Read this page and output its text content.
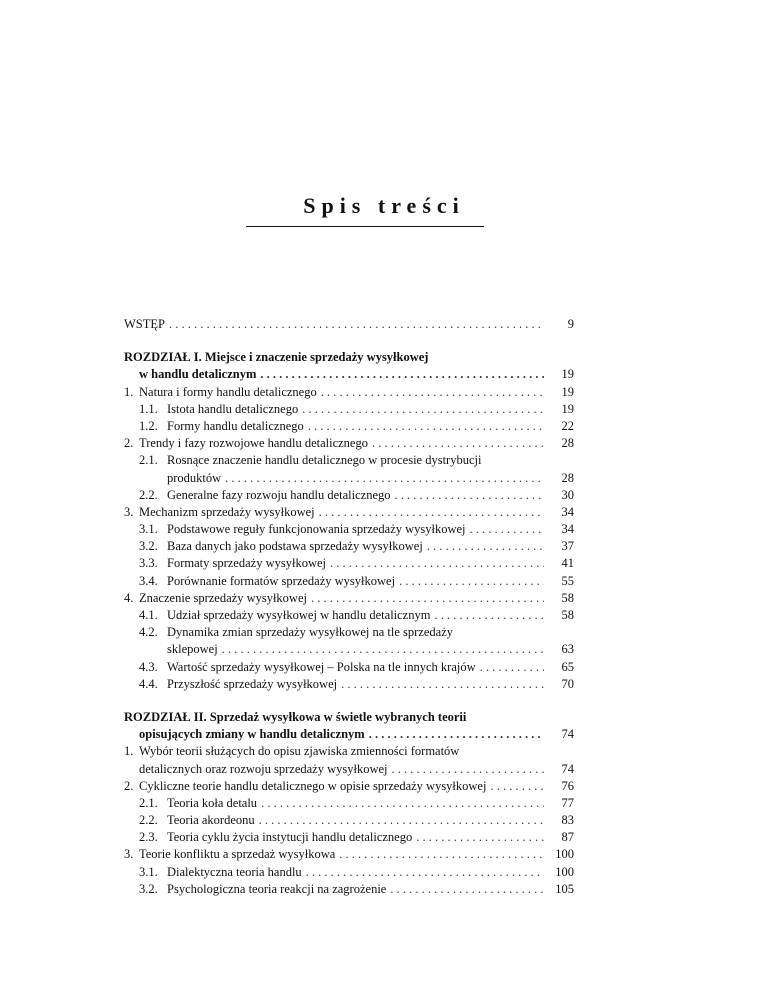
Spis treści
WSTĘP . . .	9
ROZDZIAŁ I. Miejsce i znaczenie sprzedaży wysyłkowej
w handlu detalicznym . . .	19
1. Natura i formy handlu detalicznego . . .	19
1.1. Istota handlu detalicznego . . .	19
1.2. Formy handlu detalicznego . . .	22
2. Trendy i fazy rozwojowe handlu detalicznego . . .	28
2.1. Rosnące znaczenie handlu detalicznego w procesie dystrybucji
produktów . . .	28
2.2. Generalne fazy rozwoju handlu detalicznego . . .	30
3. Mechanizm sprzedaży wysyłkowej . . .	34
3.1. Podstawowe reguły funkcjonowania sprzedaży wysyłkowej . . .	34
3.2. Baza danych jako podstawa sprzedaży wysyłkowej . . .	37
3.3. Formaty sprzedaży wysyłkowej . . .	41
3.4. Porównanie formatów sprzedaży wysyłkowej . . .	55
4. Znaczenie sprzedaży wysyłkowej . . .	58
4.1. Udział sprzedaży wysyłkowej w handlu detalicznym . . .	58
4.2. Dynamika zmian sprzedaży wysyłkowej na tle sprzedaży
sklepowej . . .	63
4.3. Wartość sprzedaży wysyłkowej – Polska na tle innych krajów . . .	65
4.4. Przyszłość sprzedaży wysyłkowej . . .	70
ROZDZIAŁ II. Sprzedaż wysyłkowa w świetle wybranych teorii
opisujących zmiany w handlu detalicznym . . .	74
1. Wybór teorii służących do opisu zjawiska zmienności formatów
detalicznych oraz rozwoju sprzedaży wysyłkowej . . .	74
2. Cykliczne teorie handlu detalicznego w opisie sprzedaży wysyłkowej . . .	76
2.1. Teoria koła detalu . . .	77
2.2. Teoria akordeonu . . .	83
2.3. Teoria cyklu życia instytucji handlu detalicznego . . .	87
3. Teorie konfliktu a sprzedaż wysyłkowa . . .	100
3.1. Dialektyczna teoria handlu . . .	100
3.2. Psychologiczna teoria reakcji na zagrożenie . . .	105
